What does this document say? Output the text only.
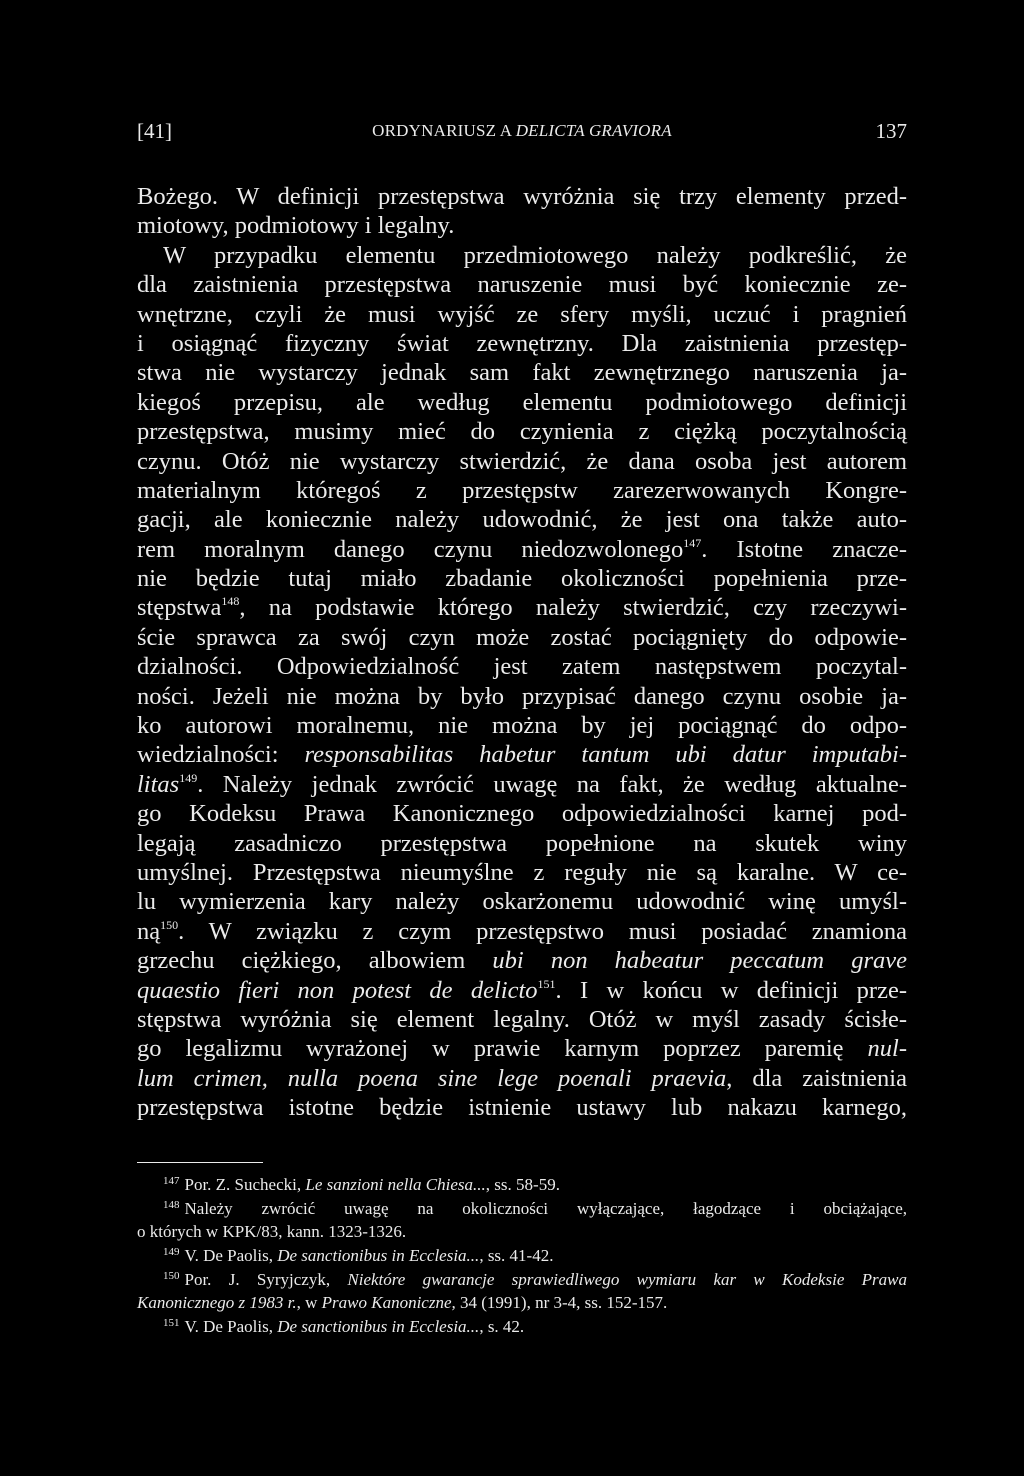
[41]	ORDYNARIUSZ A DELICTA GRAVIORA	137
Bożego. W definicji przestępstwa wyróżnia się trzy elementy przed-
miotowy, podmiotowy i legalny.
W przypadku elementu przedmiotowego należy podkreślić, że
dla zaistnienia przestępstwa naruszenie musi być koniecznie ze-
wnętrzne, czyli że musi wyjść ze sfery myśli, uczuć i pragnień
i osiągnąć fizyczny świat zewnętrzny. Dla zaistnienia przestęp-
stwa nie wystarczy jednak sam fakt zewnętrznego naruszenia ja-
kiegoś przepisu, ale według elementu podmiotowego definicji
przestępstwa, musimy mieć do czynienia z ciężką poczytalnością
czynu. Otóż nie wystarczy stwierdzić, że dana osoba jest autorem
materialnym któregoś z przestępstw zarezerwowanych Kongre-
gacji, ale koniecznie należy udowodnić, że jest ona także auto-
rem moralnym danego czynu niedozwolonego$^{147}$. Istotne znacze-
nie będzie tutaj miało zbadanie okoliczności popełnienia prze-
stępstwa$^{148}$, na podstawie którego należy stwierdzić, czy rzeczywi-
ście sprawca za swój czyn może zostać pociągnięty do odpowie-
dzialności. Odpowiedzialność jest zatem następstwem poczytal-
ności. Jeżeli nie można by było przypisać danego czynu osobie ja-
ko autorowi moralnemu, nie można by jej pociągnąć do odpo-
wiedzialności: responsabilitas habetur tantum ubi datur imputabi-
litas$^{149}$. Należy jednak zwrócić uwagę na fakt, że według aktualne-
go Kodeksu Prawa Kanonicznego odpowiedzialności karnej pod-
legają zasadniczo przestępstwa popełnione na skutek winy
umyślnej. Przestępstwa nieumyślne z reguły nie są karalne. W ce-
lu wymierzenia kary należy oskarżonemu udowodnić winę umyśl-
$ną^{150}$. W związku z czym przestępstwo musi posiadać znamiona
grzechu ciężkiego, albowiem ubi non habeatur peccatum grave
quaestio fieri non potest de delicto$^{151}$. I w końcu w definicji prze-
stępstwa wyróżnia się element legalny. Otóż w myśl zasady ścisłe-
go legalizmu wyrażonej w prawie karnym poprzez paremię nul-
lum crimen, nulla poena sine lege poenali praevia, dla zaistnienia
przestępstwa istotne będzie istnienie ustawy lub nakazu karnego,
$^{147}$ Por. Z. Suchecki, Le sanzioni nella Chiesa..., ss. 58-59.
$^{148}$ Należy zwrócić uwagę na okoliczności wyłączające, łagodzące i obciążające,
o których w KPK/83, kann. 1323-1326.
$^{149}$ V. De Paolis, De sanctionibus in Ecclesia..., ss. 41-42.
$^{150}$ Por. J. Syryjczyk, Niektóre gwarancje sprawiedliwego wymiaru kar w Kodeksie Prawa
Kanonicznego z 1983 r., w Prawo Kanoniczne, 34 (1991), nr 3-4, ss. 152-157.
$^{151}$ V. De Paolis, De sanctionibus in Ecclesia..., s. 42.
